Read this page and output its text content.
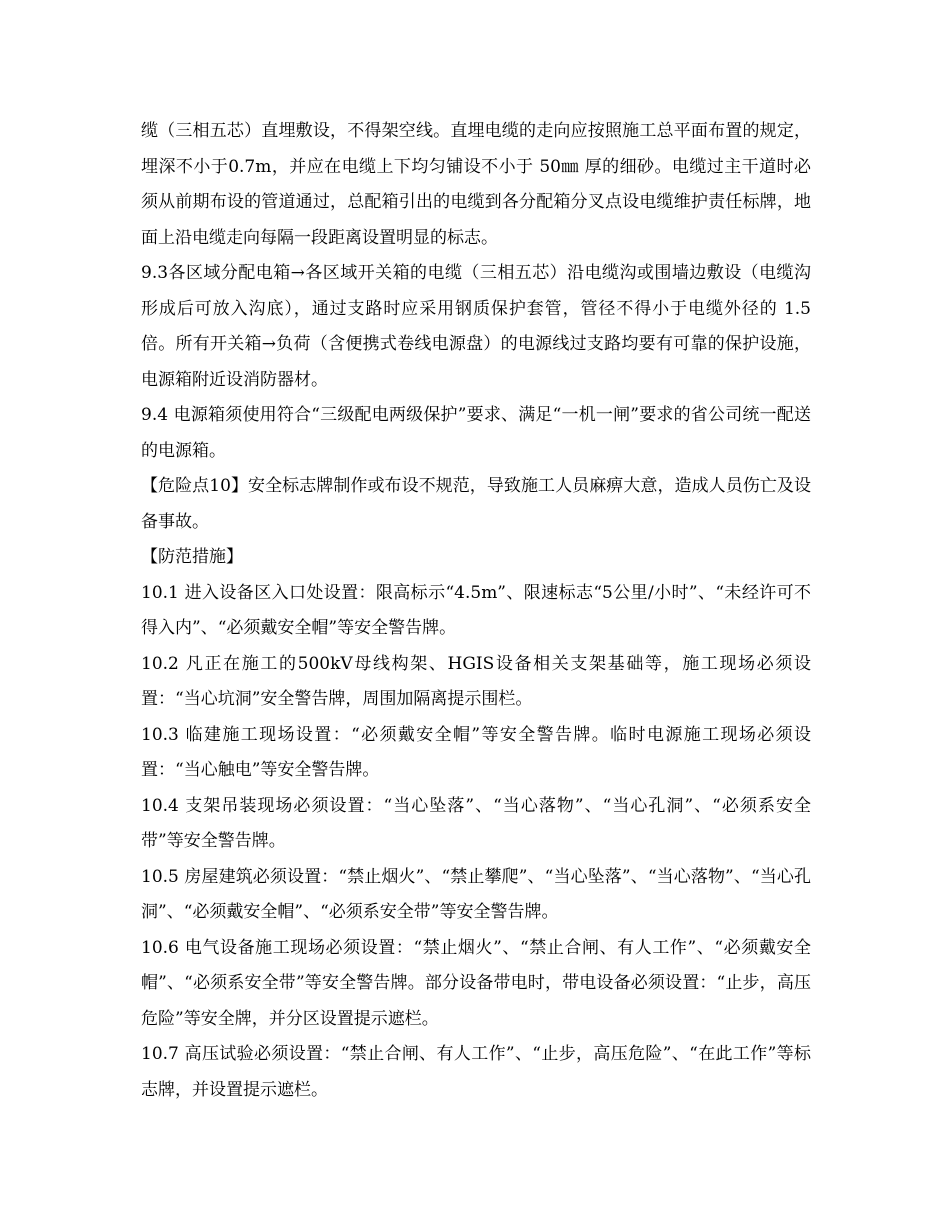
缆（三相五芯）直埋敷设，不得架空线。直埋电缆的走向应按照施工总平面布置的规定，埋深不小于0.7m，并应在电缆上下均匀铺设不小于 50㎜ 厚的细砂。电缆过主干道时必须从前期布设的管道通过，总配箱引出的电缆到各分配箱分叉点设电缆维护责任标牌，地面上沿电缆走向每隔一段距离设置明显的标志。

9.3各区域分配电箱→各区域开关箱的电缆（三相五芯）沿电缆沟或围墙边敷设（电缆沟形成后可放入沟底），通过支路时应采用钢质保护套管，管径不得小于电缆外径的 1.5 倍。所有开关箱→负荷（含便携式卷线电源盘）的电源线过支路均要有可靠的保护设施，电源箱附近设消防器材。

9.4 电源箱须使用符合“三级配电两级保护”要求、满足“一机一闸”要求的省公司统一配送的电源箱。

【危险点10】安全标志牌制作或布设不规范，导致施工人员麻痹大意，造成人员伤亡及设备事故。

【防范措施】

10.1 进入设备区入口处设置：限高标示“4.5m”、限速标志“5公里/小时”、“未经许可不得入内”、“必须戴安全帽”等安全警告牌。

10.2 凡正在施工的500kV母线构架、HGIS设备相关支架基础等，施工现场必须设置：“当心坑洞”安全警告牌，周围加隔离提示围栏。

10.3 临建施工现场设置：“必须戴安全帽”等安全警告牌。临时电源施工现场必须设置：“当心触电”等安全警告牌。

10.4 支架吊装现场必须设置：“当心坠落”、“当心落物”、“当心孔洞”、“必须系安全带”等安全警告牌。

10.5 房屋建筑必须设置：“禁止烟火”、“禁止攀爬”、“当心坠落”、“当心落物”、“当心孔洞”、“必须戴安全帽”、“必须系安全带”等安全警告牌。

10.6 电气设备施工现场必须设置：“禁止烟火”、“禁止合闸、有人工作”、“必须戴安全帽”、“必须系安全带”等安全警告牌。部分设备带电时，带电设备必须设置：“止步，高压危险”等安全牌，并分区设置提示遮栏。

10.7 高压试验必须设置：“禁止合闸、有人工作”、“止步，高压危险”、“在此工作”等标志牌，并设置提示遮栏。
